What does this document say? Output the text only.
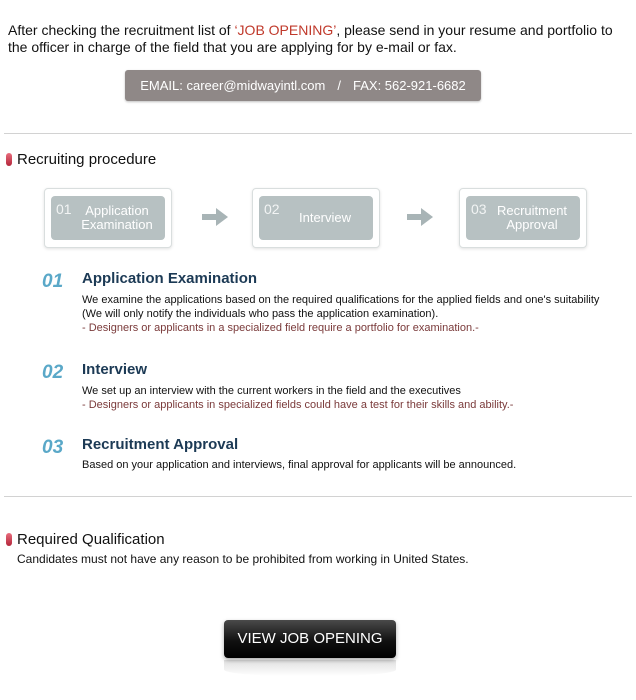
After checking the recruitment list of ‘JOB OPENING’, please send in your resume and portfolio to the officer in charge of the field that you are applying for by e-mail or fax.
EMAIL: career@midwayintl.com / FAX: 562-921-6682
Recruiting procedure
01	Application Examination
02
Interview
03 Recruitment Approval
01 Application Examination
We examine the applications based on the required qualifications for the applied fields and one's suitability
(We will only notify the individuals who pass the application examination).
- Designers or applicants in a specialized field require a portfolio for examination.-
02 Interview
We set up an interview with the current workers in the field and the executives
- Designers or applicants in specialized fields could have a test for their skills and ability.-
03 Recruitment Approval
Based on your application and interviews, final approval for applicants will be announced.
Required Qualification
Candidates must not have any reason to be prohibited from working in United States.
VIEW JOB OPENING
